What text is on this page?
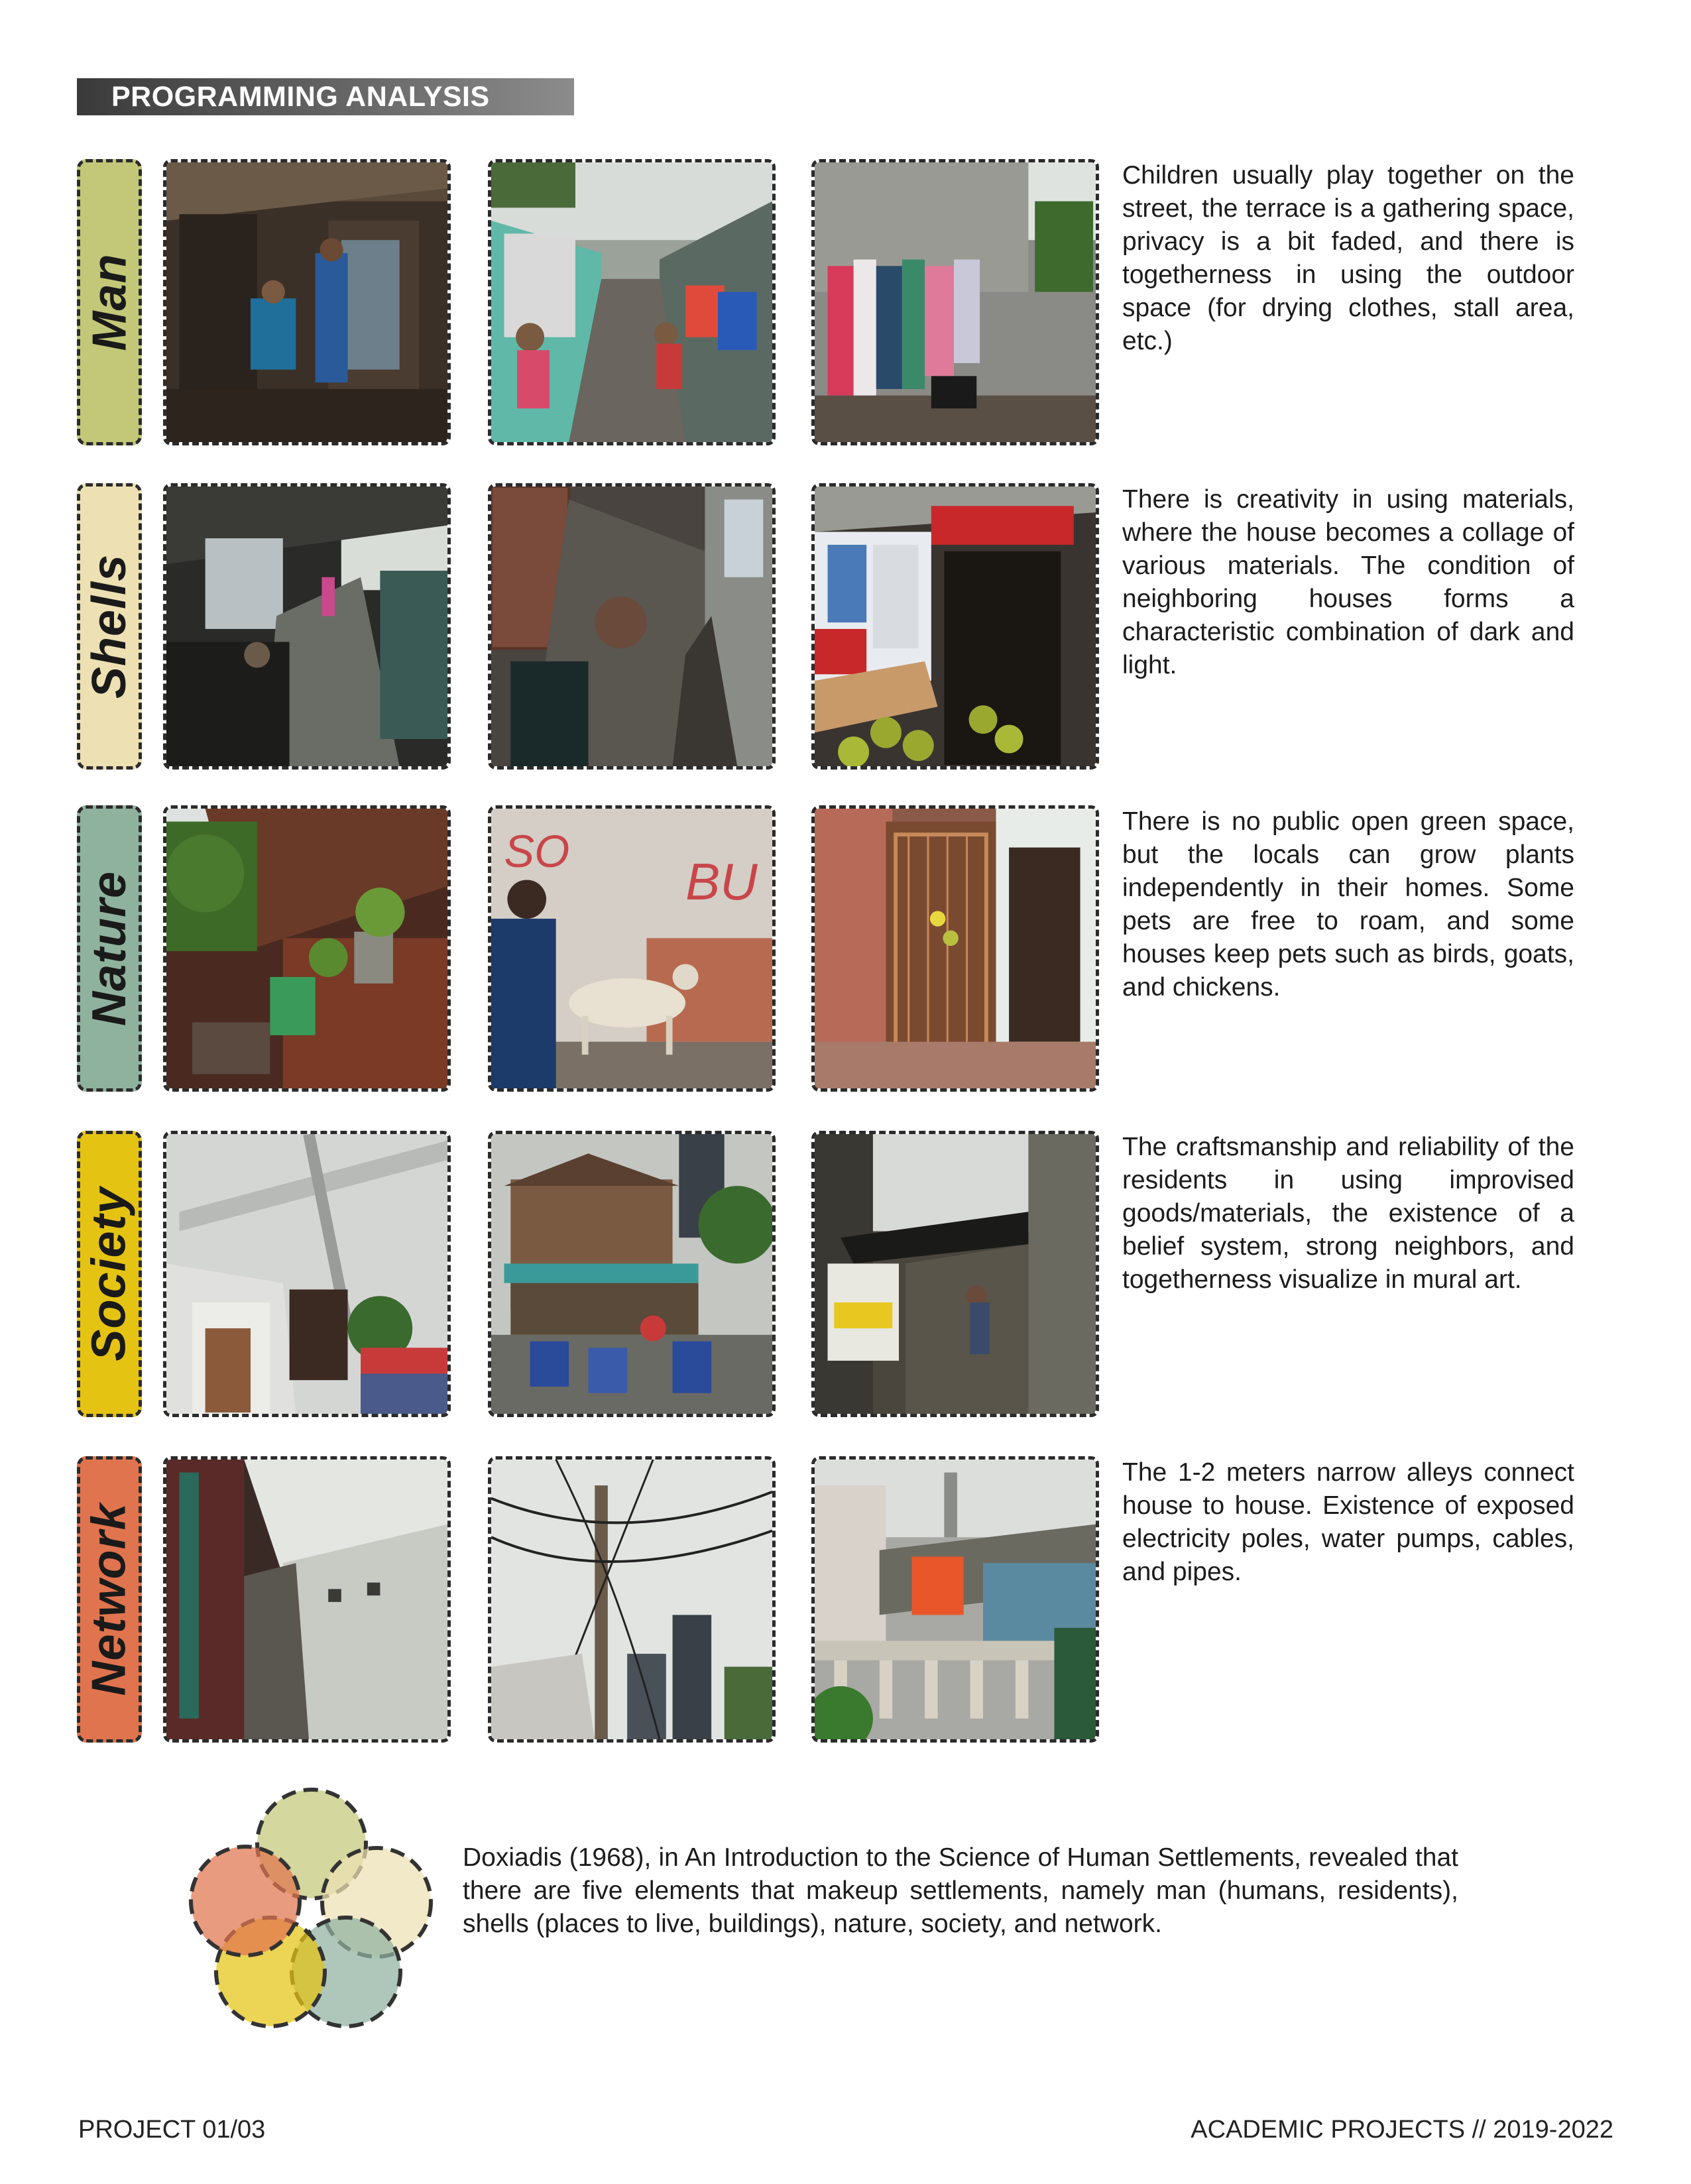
PROGRAMMING ANALYSIS
Man

Children usually play together on the street, the terrace is a gathering space, privacy is a bit faded, and there is togetherness in using the outdoor space (for drying clothes, stall area, etc.)

Shells

There is creativity in using materials, where the house becomes a collage of various materials. The condition of neighboring houses forms a characteristic combination of dark and light.

Nature
SO
BU

There is no public open green space, but the locals can grow plants independently in their homes. Some pets are free to roam, and some houses keep pets such as birds, goats, and chickens.

Society

The craftsmanship and reliability of the residents in using improvised goods/materials, the existence of a belief system, strong neighbors, and togetherness visualize in mural art.

Network

The 1-2 meters narrow alleys connect house to house. Existence of exposed electricity poles, water pumps, cables, and pipes.

Doxiadis (1968), in An Introduction to the Science of Human Settlements, revealed that there are five elements that makeup settlements, namely man (humans, residents), shells (places to live, buildings), nature, society, and network.

PROJECT 01/03	ACADEMIC PROJECTS // 2019-2022
